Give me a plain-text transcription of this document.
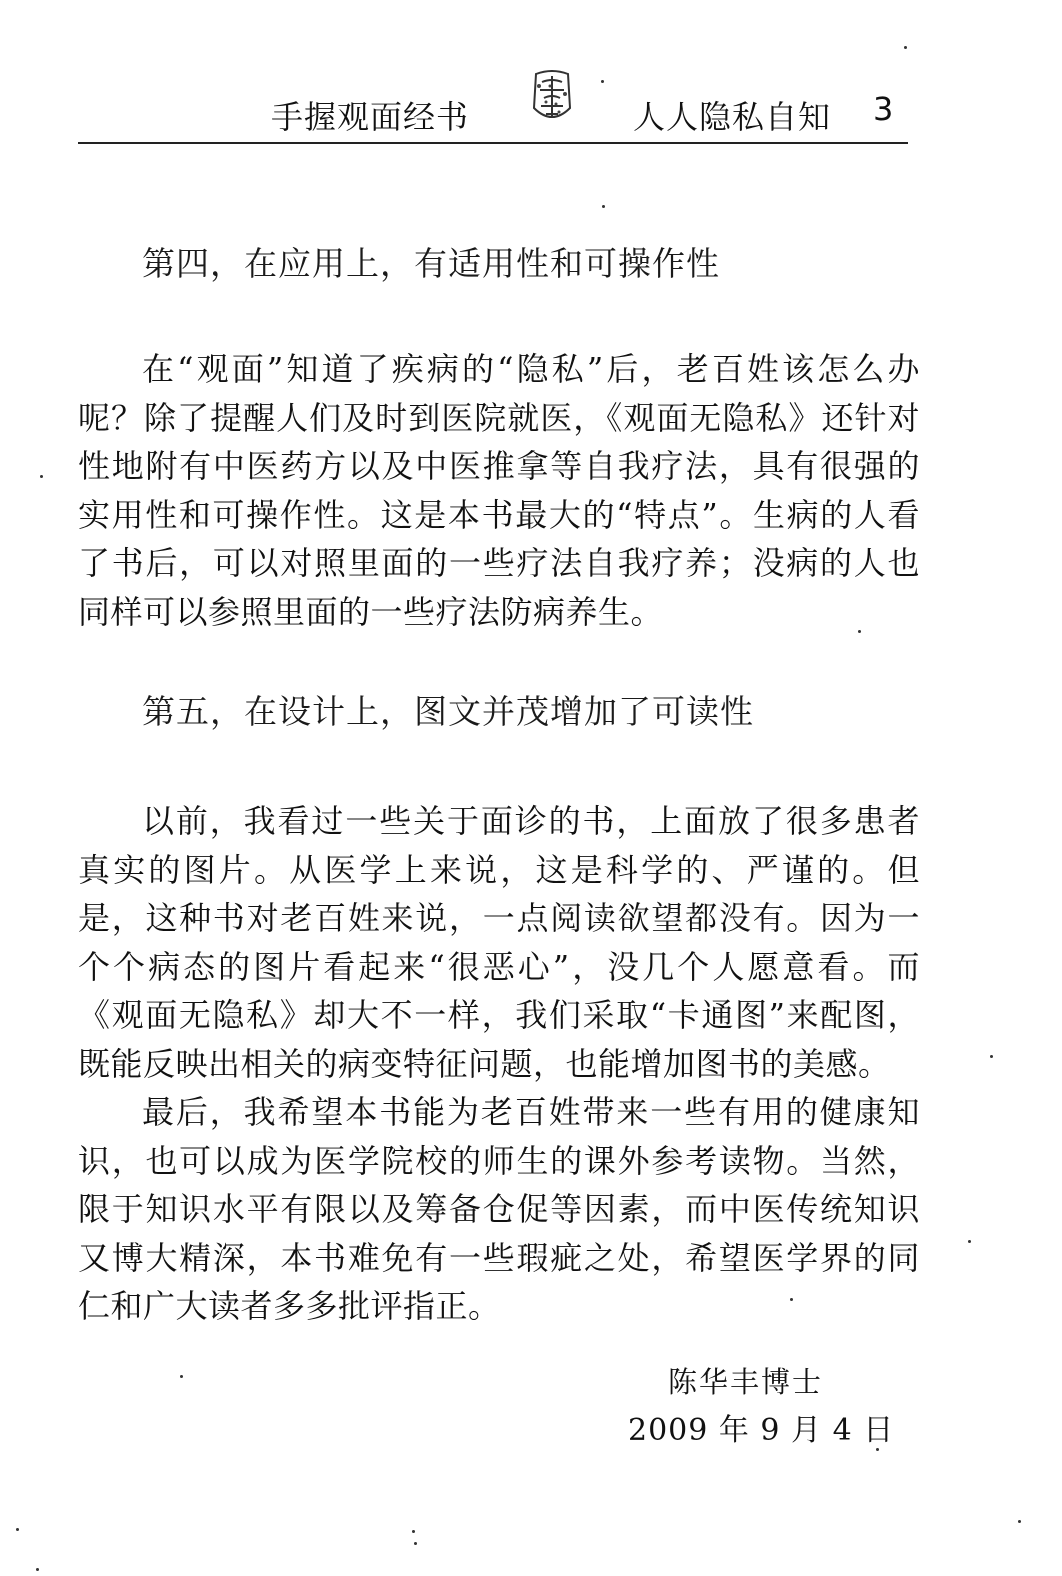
手握观面经书	人人隐私自知 3
第四，在应用上，有适用性和可操作性

在“观面”知道了疾病的“隐私”后，老百姓该怎么办呢？除了提醒人们及时到医院就医，《观面无隐私》还针对性地附有中医药方以及中医推拿等自我疗法，具有很强的实用性和可操作性。这是本书最大的“特点”。生病的人看了书后，可以对照里面的一些疗法自我疗养；没病的人也同样可以参照里面的一些疗法防病养生。

第五，在设计上，图文并茂增加了可读性

以前，我看过一些关于面诊的书，上面放了很多患者真实的图片。从医学上来说，这是科学的、严谨的。但是，这种书对老百姓来说，一点阅读欲望都没有。因为一个个病态的图片看起来“很恶心”，没几个人愿意看。而《观面无隐私》却大不一样，我们采取“卡通图”来配图，既能反映出相关的病变特征问题，也能增加图书的美感。

最后，我希望本书能为老百姓带来一些有用的健康知识，也可以成为医学院校的师生的课外参考读物。当然，限于知识水平有限以及筹备仓促等因素，而中医传统知识又博大精深，本书难免有一些瑕疵之处，希望医学界的同仁和广大读者多多批评指正。

陈华丰博士
2009 年 9 月 4 日
